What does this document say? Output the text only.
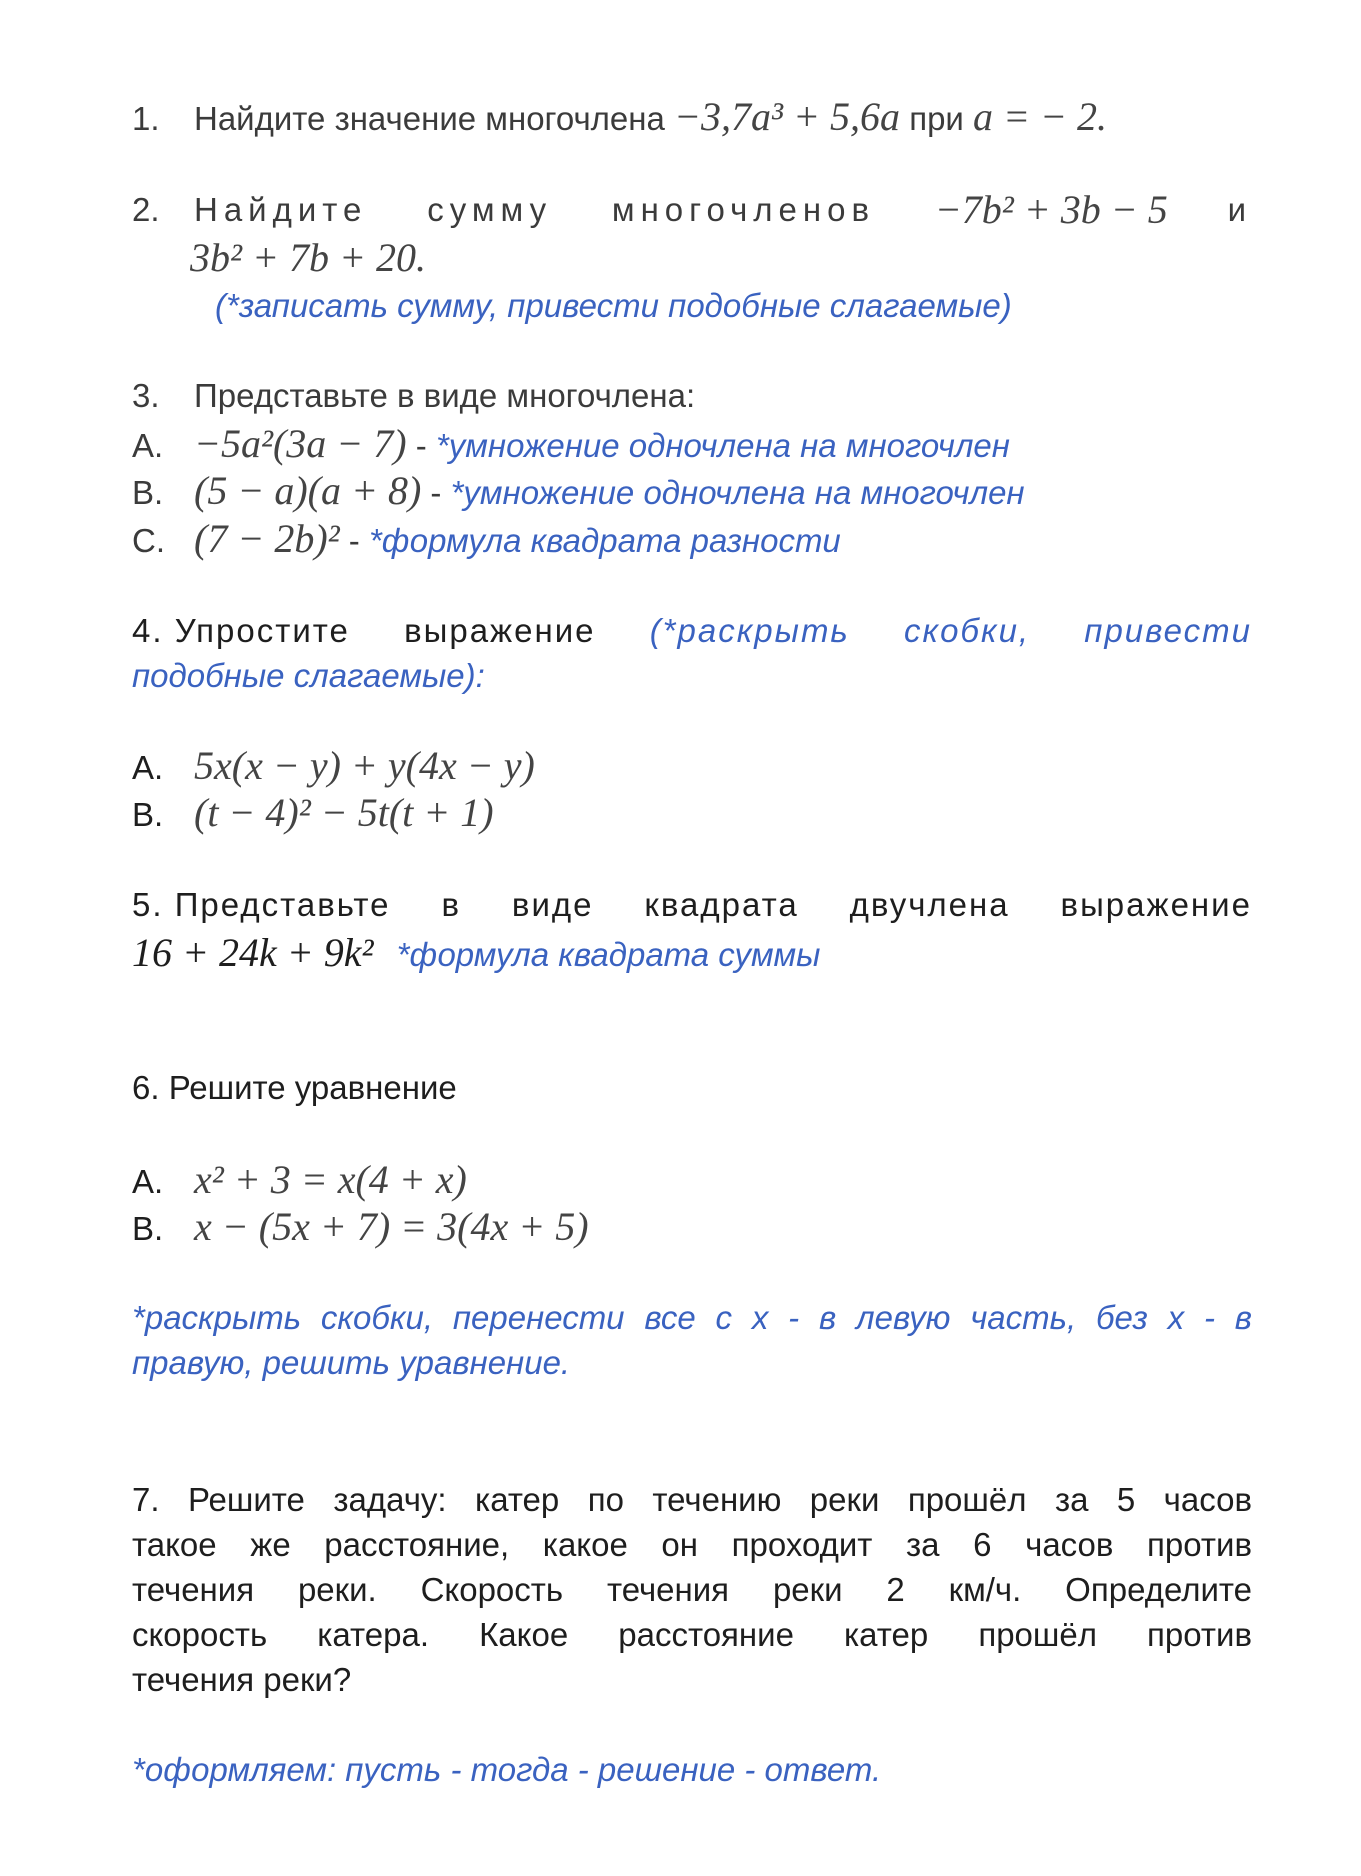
1. Найдите значение многочлена −3,7a³ + 5,6a при a = − 2.
2. Найдите сумму многочленов −7b² + 3b − 5 и
3b² + 7b + 20.
(*записать сумму, привести подобные слагаемые)
3. Представьте в виде многочлена:
A. −5a²(3a − 7) - *умножение одночлена на многочлен
B. (5 − a)(a + 8) - *умножение одночлена на многочлен
C. (7 − 2b)² - *формула квадрата разности
4. Упростите выражение (*раскрыть скобки, привести
подобные слагаемые):
A. 5x(x − y) + y(4x − y)
B. (t − 4)² − 5t(t + 1)
5. Представьте в виде квадрата двучлена выражение
16 + 24k + 9k² *формула квадрата суммы
6. Решите уравнение
A. x² + 3 = x(4 + x)
B. x − (5x + 7) = 3(4x + 5)
*раскрыть скобки, перенести все с х - в левую часть, без х - в
правую, решить уравнение.
7. Решите задачу: катер по течению реки прошёл за 5 часов
такое же расстояние, какое он проходит за 6 часов против
течения реки. Скорость течения реки 2 км/ч. Определите
скорость катера. Какое расстояние катер прошёл против
течения реки?
*оформляем: пусть - тогда - решение - ответ.
